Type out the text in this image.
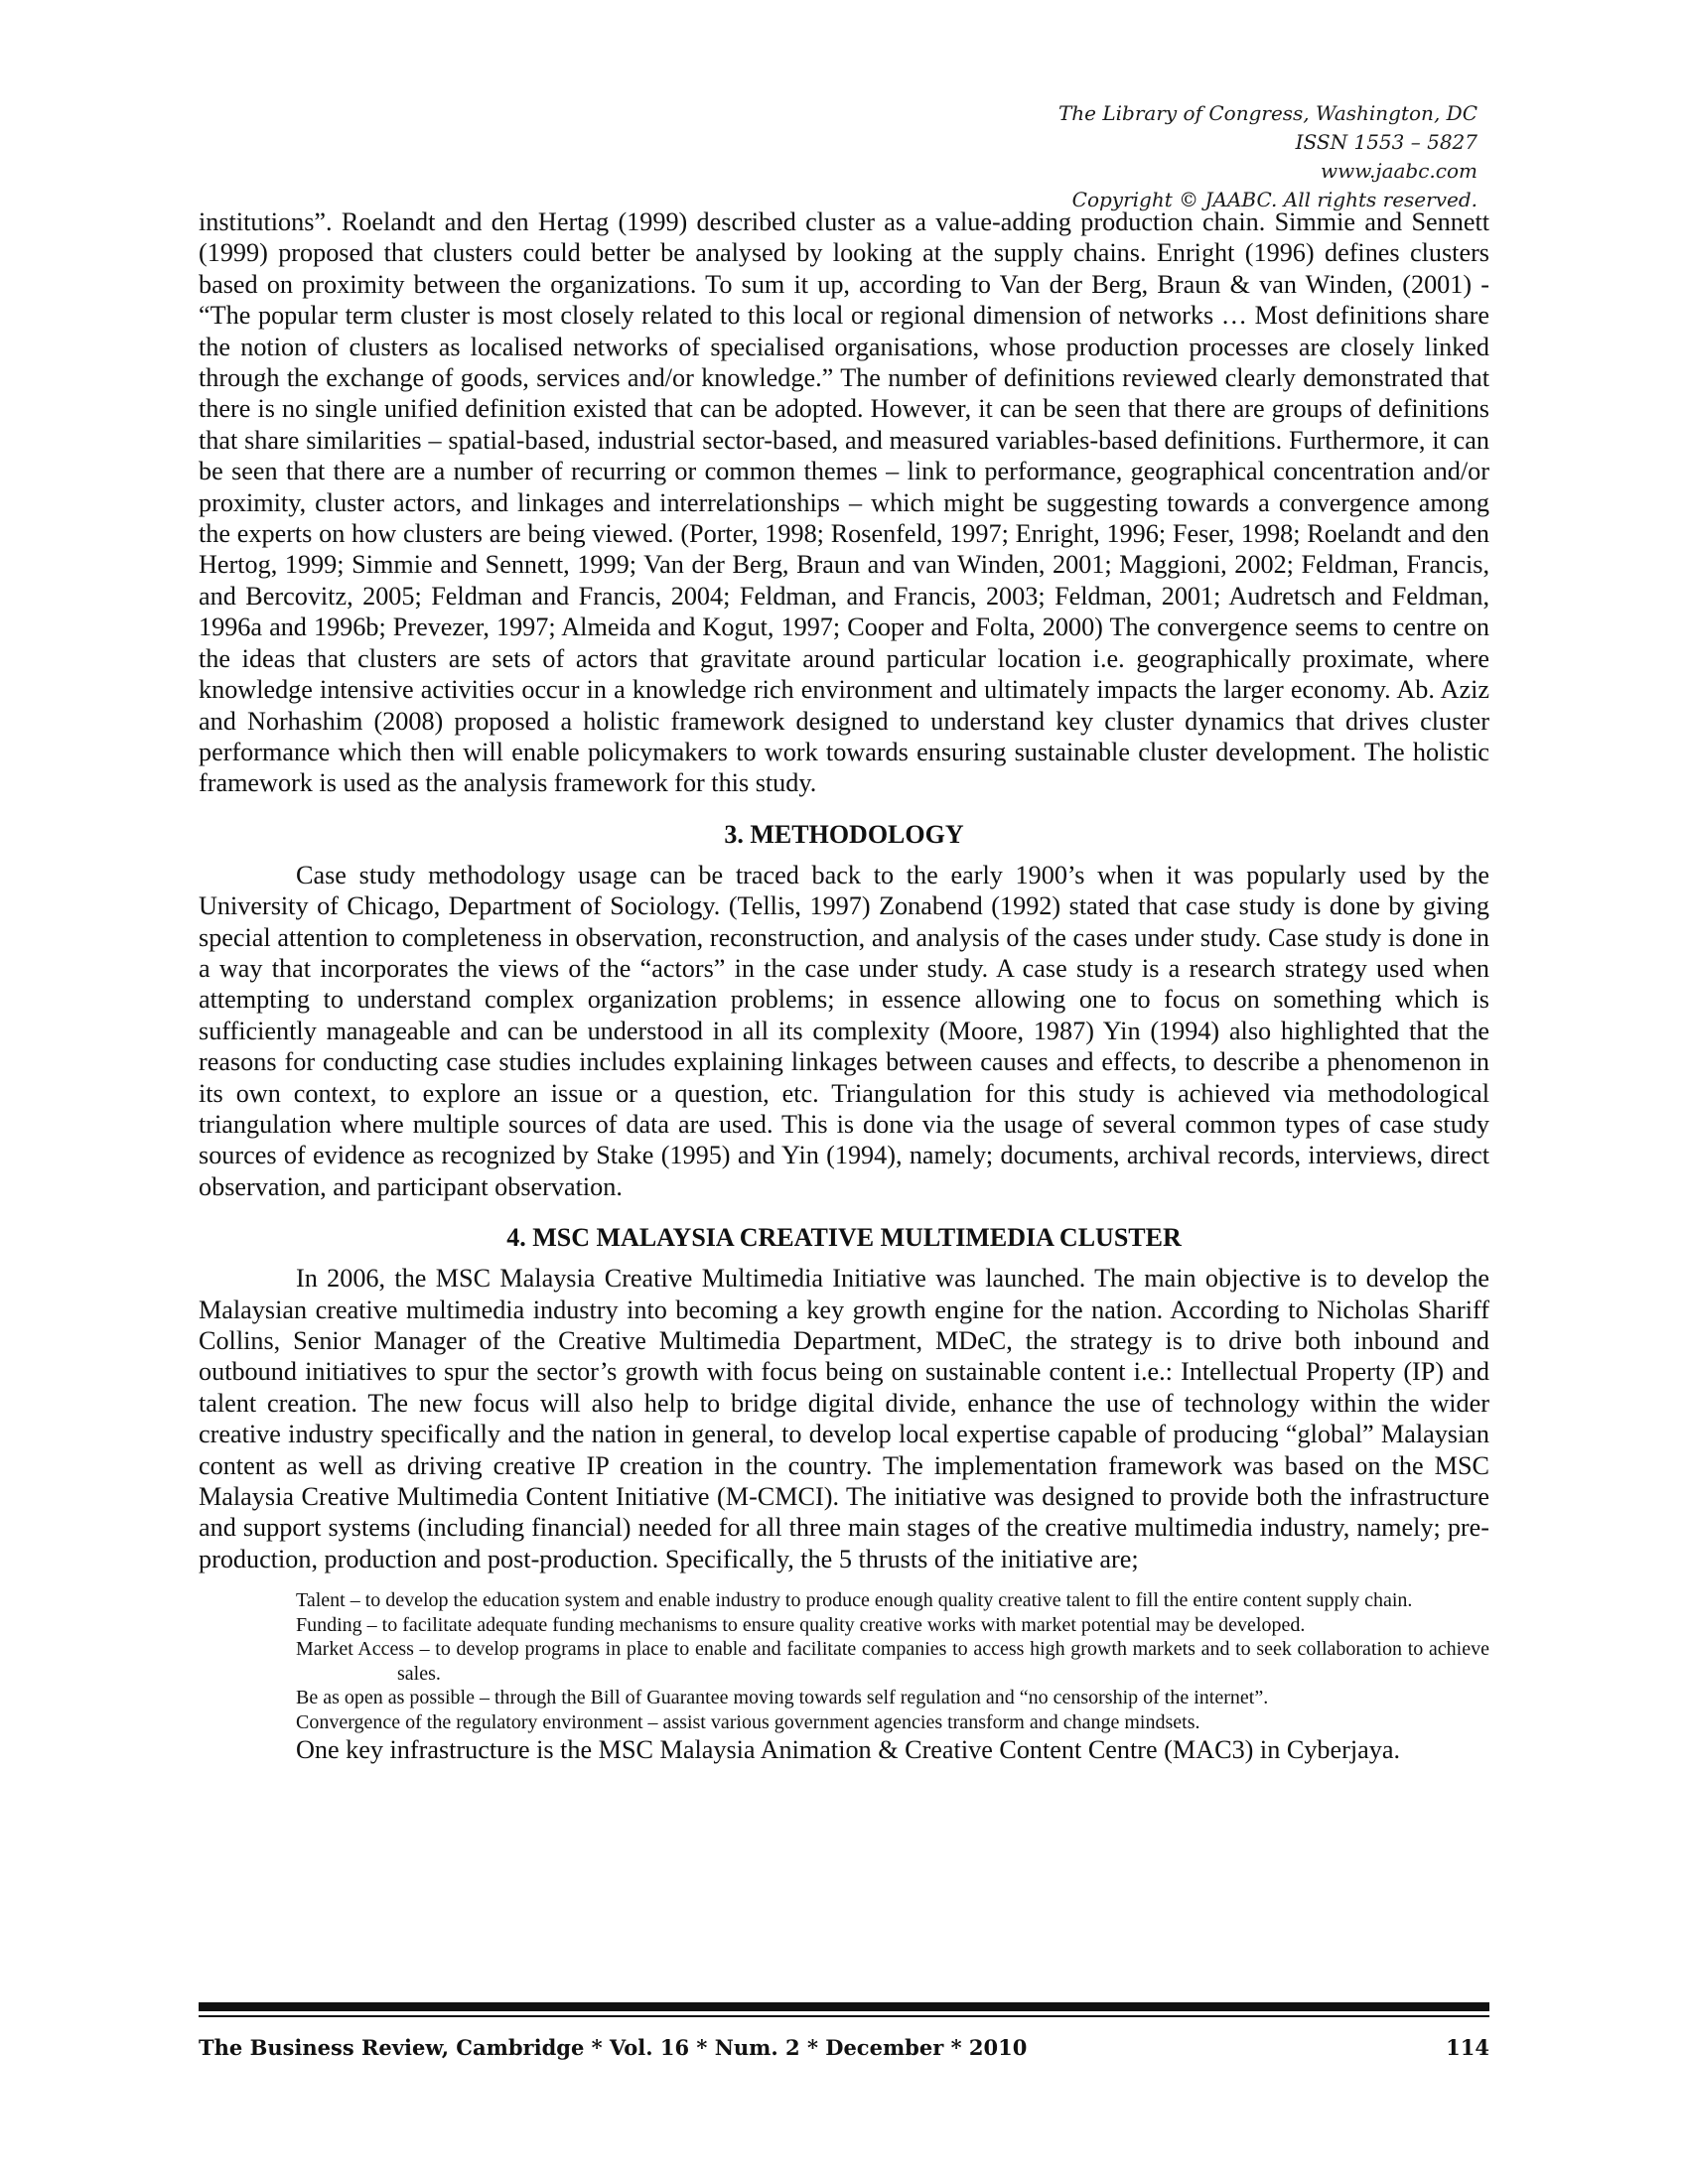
The Library of Congress, Washington, DC
ISSN 1553 – 5827
www.jaabc.com
Copyright © JAABC. All rights reserved.

institutions”. Roelandt and den Hertag (1999) described cluster as a value-adding production chain. Simmie and Sennett (1999) proposed that clusters could better be analysed by looking at the supply chains. Enright (1996) defines clusters based on proximity between the organizations. To sum it up, according to Van der Berg, Braun & van Winden, (2001) - “The popular term cluster is most closely related to this local or regional dimension of networks … Most definitions share the notion of clusters as localised networks of specialised organisations, whose production processes are closely linked through the exchange of goods, services and/or knowledge.” The number of definitions reviewed clearly demonstrated that there is no single unified definition existed that can be adopted. However, it can be seen that there are groups of definitions that share similarities – spatial-based, industrial sector-based, and measured variables-based definitions. Furthermore, it can be seen that there are a number of recurring or common themes – link to performance, geographical concentration and/or proximity, cluster actors, and linkages and interrelationships – which might be suggesting towards a convergence among the experts on how clusters are being viewed. (Porter, 1998; Rosenfeld, 1997; Enright, 1996; Feser, 1998; Roelandt and den Hertog, 1999; Simmie and Sennett, 1999; Van der Berg, Braun and van Winden, 2001; Maggioni, 2002; Feldman, Francis, and Bercovitz, 2005; Feldman and Francis, 2004; Feldman, and Francis, 2003; Feldman, 2001; Audretsch and Feldman, 1996a and 1996b; Prevezer, 1997; Almeida and Kogut, 1997; Cooper and Folta, 2000) The convergence seems to centre on the ideas that clusters are sets of actors that gravitate around particular location i.e. geographically proximate, where knowledge intensive activities occur in a knowledge rich environment and ultimately impacts the larger economy. Ab. Aziz and Norhashim (2008) proposed a holistic framework designed to understand key cluster dynamics that drives cluster performance which then will enable policymakers to work towards ensuring sustainable cluster development. The holistic framework is used as the analysis framework for this study.

3. METHODOLOGY

Case study methodology usage can be traced back to the early 1900’s when it was popularly used by the University of Chicago, Department of Sociology. (Tellis, 1997) Zonabend (1992) stated that case study is done by giving special attention to completeness in observation, reconstruction, and analysis of the cases under study. Case study is done in a way that incorporates the views of the “actors” in the case under study. A case study is a research strategy used when attempting to understand complex organization problems; in essence allowing one to focus on something which is sufficiently manageable and can be understood in all its complexity (Moore, 1987) Yin (1994) also highlighted that the reasons for conducting case studies includes explaining linkages between causes and effects, to describe a phenomenon in its own context, to explore an issue or a question, etc. Triangulation for this study is achieved via methodological triangulation where multiple sources of data are used. This is done via the usage of several common types of case study sources of evidence as recognized by Stake (1995) and Yin (1994), namely; documents, archival records, interviews, direct observation, and participant observation.

4. MSC MALAYSIA CREATIVE MULTIMEDIA CLUSTER

In 2006, the MSC Malaysia Creative Multimedia Initiative was launched. The main objective is to develop the Malaysian creative multimedia industry into becoming a key growth engine for the nation. According to Nicholas Shariff Collins, Senior Manager of the Creative Multimedia Department, MDeC, the strategy is to drive both inbound and outbound initiatives to spur the sector’s growth with focus being on sustainable content i.e.: Intellectual Property (IP) and talent creation. The new focus will also help to bridge digital divide, enhance the use of technology within the wider creative industry specifically and the nation in general, to develop local expertise capable of producing “global” Malaysian content as well as driving creative IP creation in the country. The implementation framework was based on the MSC Malaysia Creative Multimedia Content Initiative (M-CMCI). The initiative was designed to provide both the infrastructure and support systems (including financial) needed for all three main stages of the creative multimedia industry, namely; pre-production, production and post-production. Specifically, the 5 thrusts of the initiative are;

Talent – to develop the education system and enable industry to produce enough quality creative talent to fill the entire content supply chain.

Funding – to facilitate adequate funding mechanisms to ensure quality creative works with market potential may be developed.

Market Access – to develop programs in place to enable and facilitate companies to access high growth markets and to seek collaboration to achieve sales.

Be as open as possible – through the Bill of Guarantee moving towards self regulation and “no censorship of the internet”.

Convergence of the regulatory environment – assist various government agencies transform and change mindsets.

One key infrastructure is the MSC Malaysia Animation & Creative Content Centre (MAC3) in Cyberjaya.

The Business Review, Cambridge * Vol. 16 * Num. 2 * December * 2010	114
